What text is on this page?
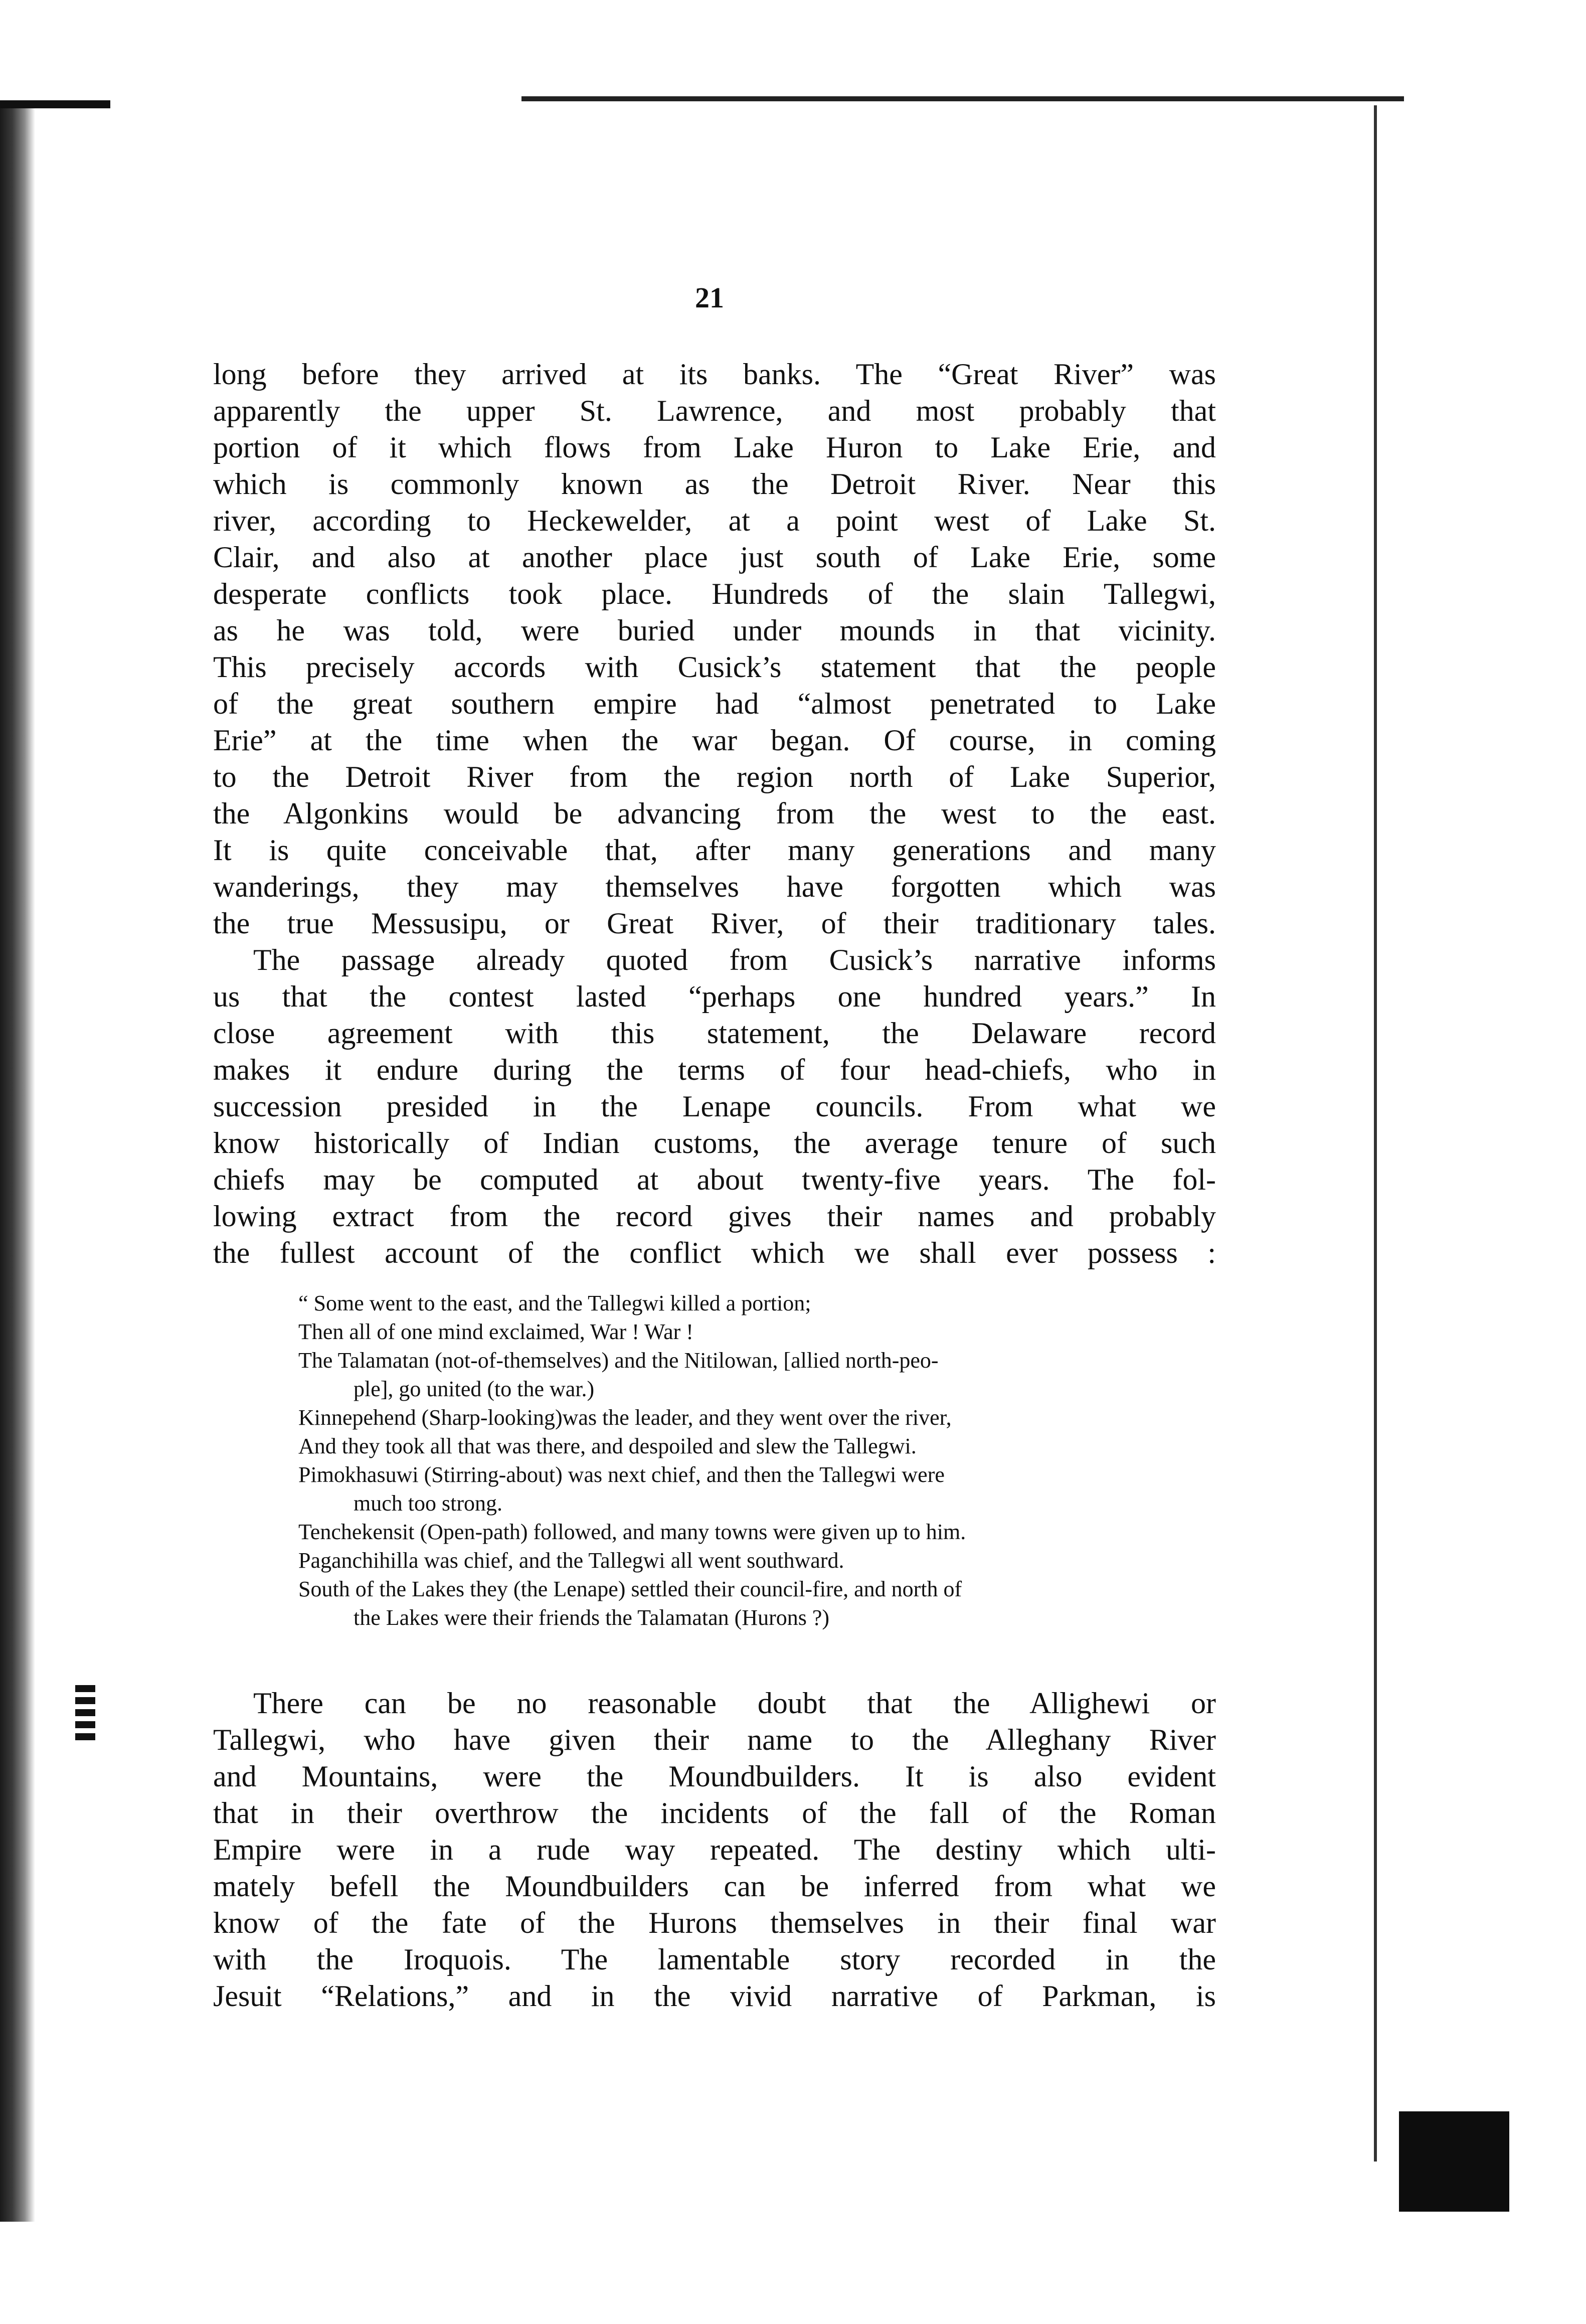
21
long before they arrived at its banks. The “Great River” was
apparently the upper St. Lawrence, and most probably that
portion of it which flows from Lake Huron to Lake Erie, and
which is commonly known as the Detroit River. Near this
river, according to Heckewelder, at a point west of Lake St.
Clair, and also at another place just south of Lake Erie, some
desperate conflicts took place. Hundreds of the slain Tallegwi,
as he was told, were buried under mounds in that vicinity.
This precisely accords with Cusick’s statement that the people
of the great southern empire had “almost penetrated to Lake
Erie” at the time when the war began. Of course, in coming
to the Detroit River from the region north of Lake Superior,
the Algonkins would be advancing from the west to the east.
It is quite conceivable that, after many generations and many
wanderings, they may themselves have forgotten which was
the true Messusipu, or Great River, of their traditionary tales.
The passage already quoted from Cusick’s narrative informs
us that the contest lasted “perhaps one hundred years.” In
close agreement with this statement, the Delaware record
makes it endure during the terms of four head-chiefs, who in
succession presided in the Lenape councils. From what we
know historically of Indian customs, the average tenure of such
chiefs may be computed at about twenty-five years. The fol-
lowing extract from the record gives their names and probably
the fullest account of the conflict which we shall ever possess :
“ Some went to the east, and the Tallegwi killed a portion;
Then all of one mind exclaimed, War ! War !
The Talamatan (not-of-themselves) and the Nitilowan, [allied north-peo-
ple], go united (to the war.)
Kinnepehend (Sharp-looking)was the leader, and they went over the river,
And they took all that was there, and despoiled and slew the Tallegwi.
Pimokhasuwi (Stirring-about) was next chief, and then the Tallegwi were
much too strong.
Tenchekensit (Open-path) followed, and many towns were given up to him.
Paganchihilla was chief, and the Tallegwi all went southward.
South of the Lakes they (the Lenape) settled their council-fire, and north of
the Lakes were their friends the Talamatan (Hurons ?)
There can be no reasonable doubt that the Allighewi or
Tallegwi, who have given their name to the Alleghany River
and Mountains, were the Moundbuilders. It is also evident
that in their overthrow the incidents of the fall of the Roman
Empire were in a rude way repeated. The destiny which ulti-
mately befell the Moundbuilders can be inferred from what we
know of the fate of the Hurons themselves in their final war
with the Iroquois. The lamentable story recorded in the
Jesuit “Relations,” and in the vivid narrative of Parkman, is
